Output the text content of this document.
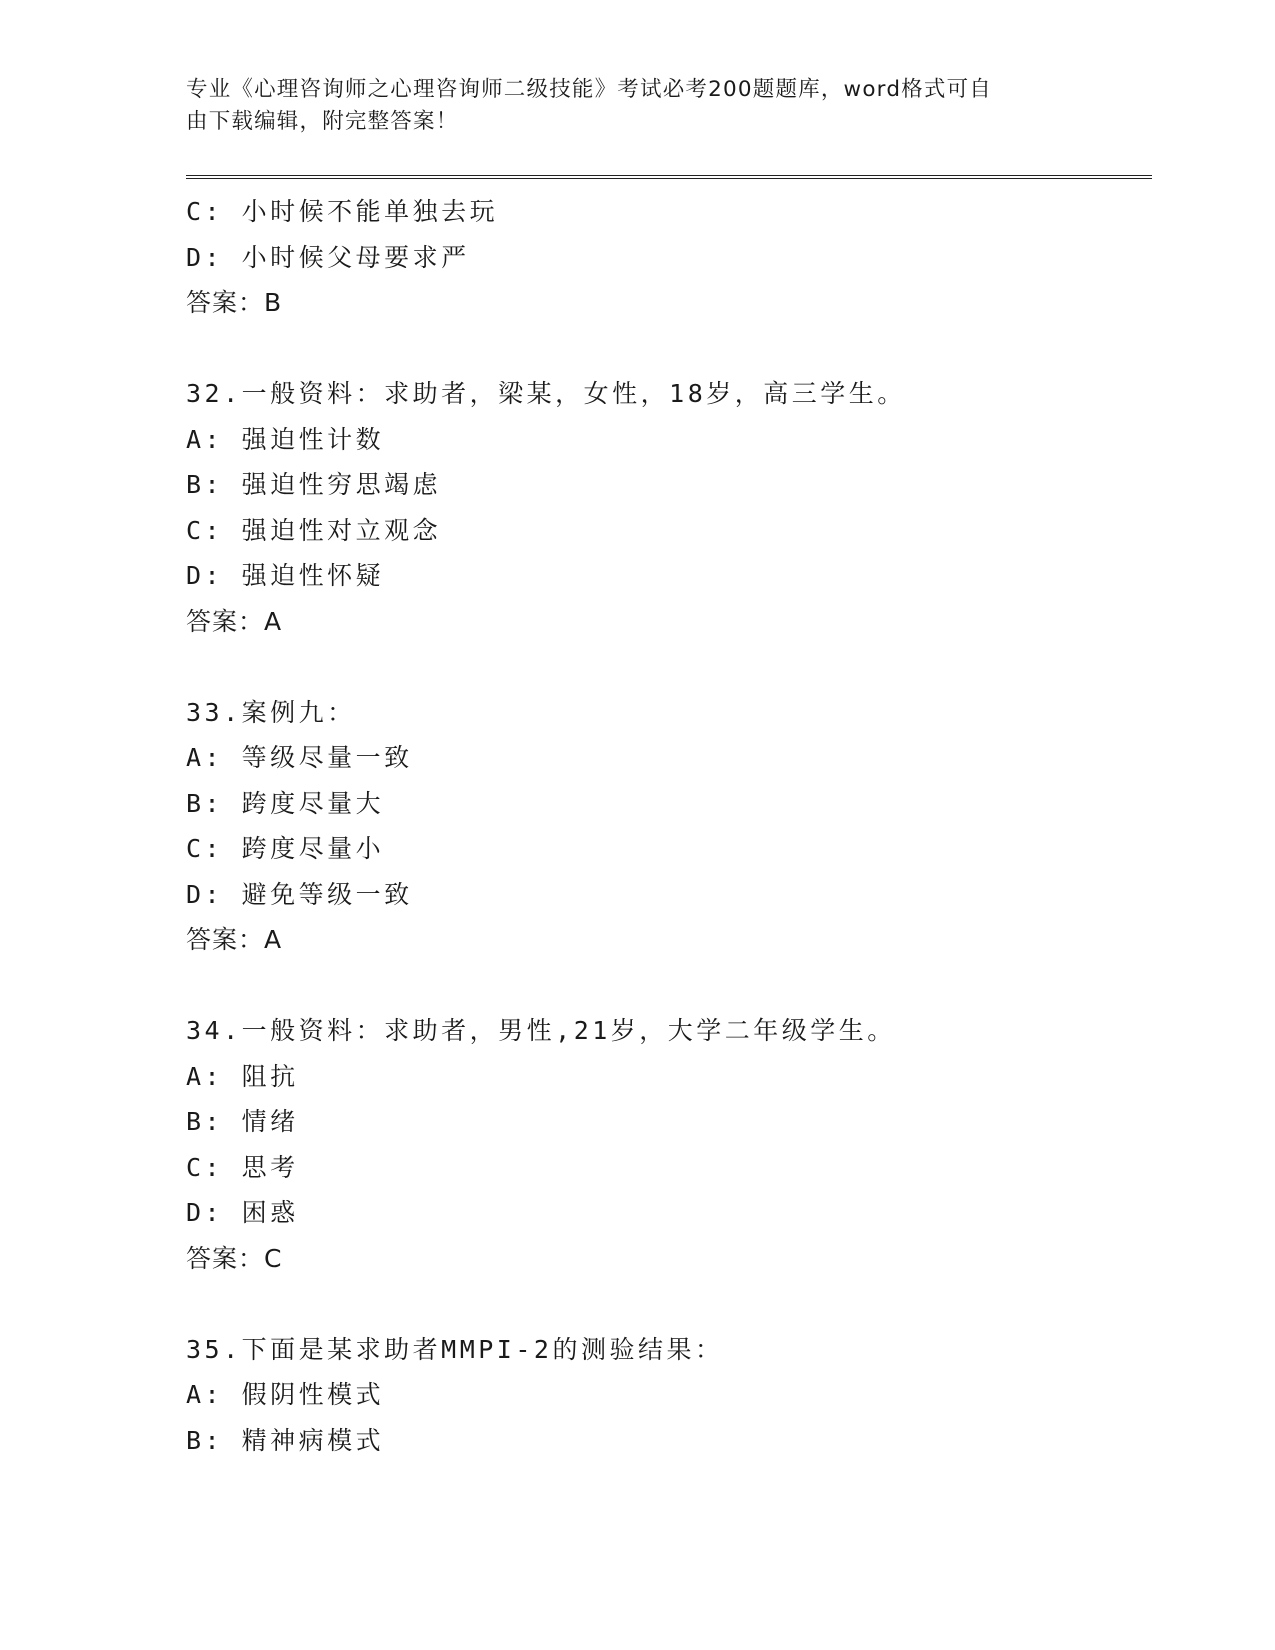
专业《心理咨询师之心理咨询师二级技能》考试必考200题题库，word格式可自
由下载编辑，附完整答案！
C: 小时候不能单独去玩
D: 小时候父母要求严
答案：B
32.一般资料：求助者，梁某，女性，18岁，高三学生。
A: 强迫性计数
B: 强迫性穷思竭虑
C: 强迫性对立观念
D: 强迫性怀疑
答案：A
33.案例九：
A: 等级尽量一致
B: 跨度尽量大
C: 跨度尽量小
D: 避免等级一致
答案：A
34.一般资料：求助者，男性,21岁，大学二年级学生。
A: 阻抗
B: 情绪
C: 思考
D: 困惑
答案：C
35.下面是某求助者MMPI-2的测验结果：
A: 假阴性模式
B: 精神病模式
